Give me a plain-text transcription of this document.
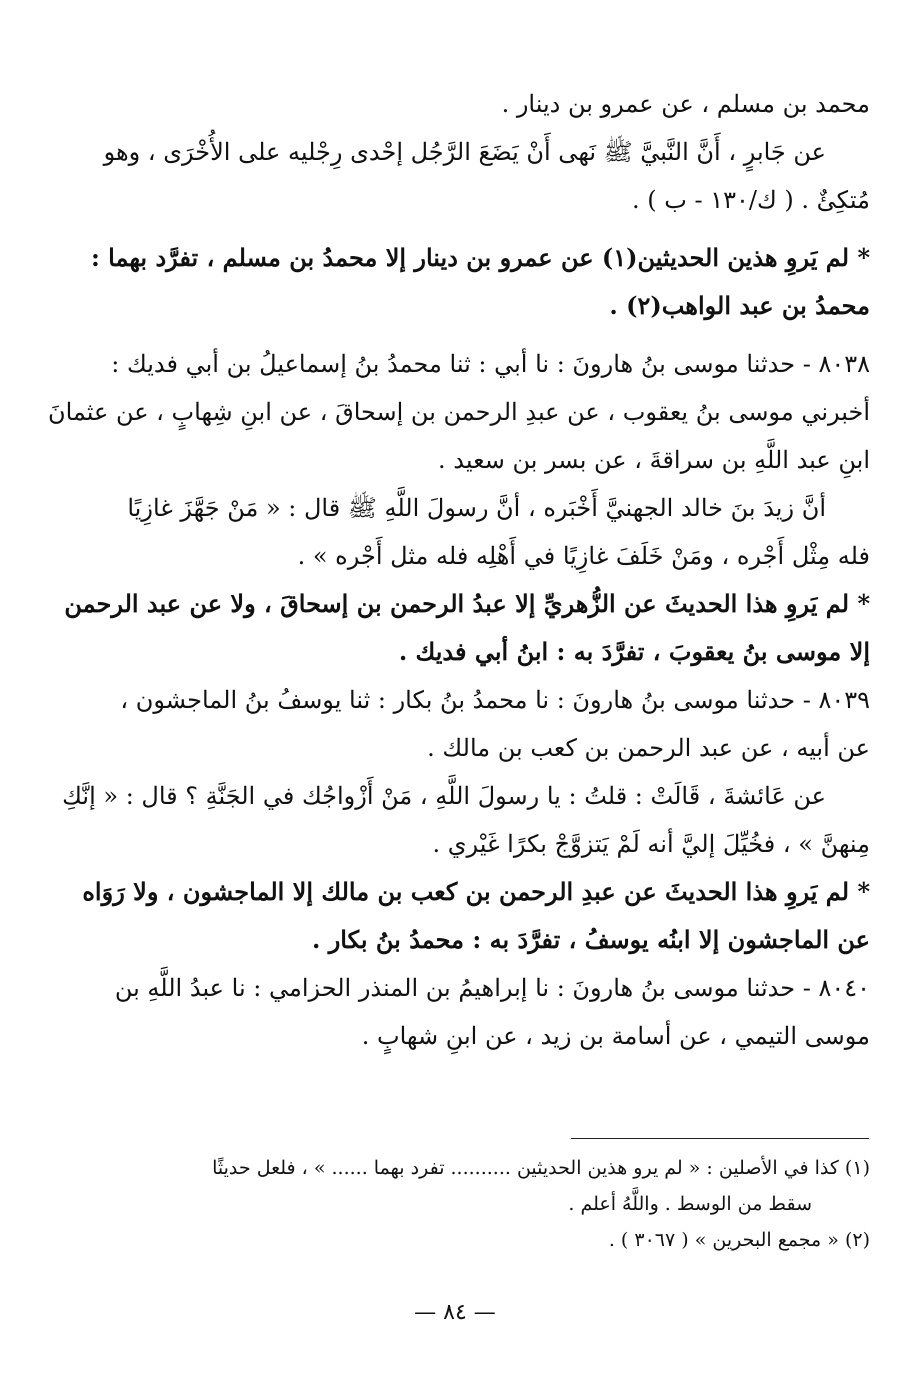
محمد بن مسلم ، عن عمرو بن دينار .
عن جَابرٍ ، أَنَّ النَّبيَّ ﷺ نَهى أَنْ يَضَعَ الرَّجُل إحْدى رِجْليه على الأُخْرَى ، وهو
مُتكِئٌ . ( ك/١٣٠ - ب ) .
* لم يَروِ هذين الحديثين(١) عن عمرو بن دينار إلا محمدُ بن مسلم ، تفرَّد بهما :
محمدُ بن عبد الواهب(٢) .
٨٠٣٨ - حدثنا موسى بنُ هارونَ : نا أبي : ثنا محمدُ بنُ إسماعيلُ بن أبي فديك :
أخبرني موسى بنُ يعقوب ، عن عبدِ الرحمن بن إسحاقَ ، عن ابنِ شِهابٍ ، عن عثمانَ
ابنِ عبد اللَّهِ بن سراقةَ ، عن بسر بن سعيد .
أنَّ زيدَ بنَ خالد الجهنيَّ أَخْبَره ، أنَّ رسولَ اللَّهِ ﷺ قال : « مَنْ جَهَّزَ غازِيًا
فله مِثْل أَجْره ، ومَنْ خَلَفَ غازِيًا في أَهْلِه فله مثل أَجْره » .
* لم يَروِ هذا الحديثَ عن الزُّهريِّ إلا عبدُ الرحمن بن إسحاقَ ، ولا عن عبد الرحمن
إلا موسى بنُ يعقوبَ ، تفرَّدَ به : ابنُ أبي فديك .
٨٠٣٩ - حدثنا موسى بنُ هارونَ : نا محمدُ بنُ بكار : ثنا يوسفُ بنُ الماجشون ،
عن أبيه ، عن عبد الرحمن بن كعب بن مالك .
عن عَائشةَ ، قَالَتْ : قلتُ : يا رسولَ اللَّهِ ، مَنْ أَزْواجُك في الجَنَّةِ ؟ قال : « إنَّكِ
مِنهنَّ » ، فخُيِّلَ إليَّ أنه لَمْ يَتزوَّجْ بكرًا غَيْري .
* لم يَروِ هذا الحديثَ عن عبدِ الرحمن بن كعب بن مالك إلا الماجشون ، ولا رَوَاه
عن الماجشون إلا ابنُه يوسفُ ، تفرَّدَ به : محمدُ بنُ بكار .
٨٠٤٠ - حدثنا موسى بنُ هارونَ : نا إبراهيمُ بن المنذر الحزامي : نا عبدُ اللَّهِ بن
موسى التيمي ، عن أسامة بن زيد ، عن ابنِ شهابٍ .
(١) كذا في الأصلين : « لم يرو هذين الحديثين .......... تفرد بهما ...... » ، فلعل حديثًا
سقط من الوسط . واللَّهُ أعلم .
(٢) « مجمع البحرين » ( ٣٠٦٧ ) .
— ٨٤ —
